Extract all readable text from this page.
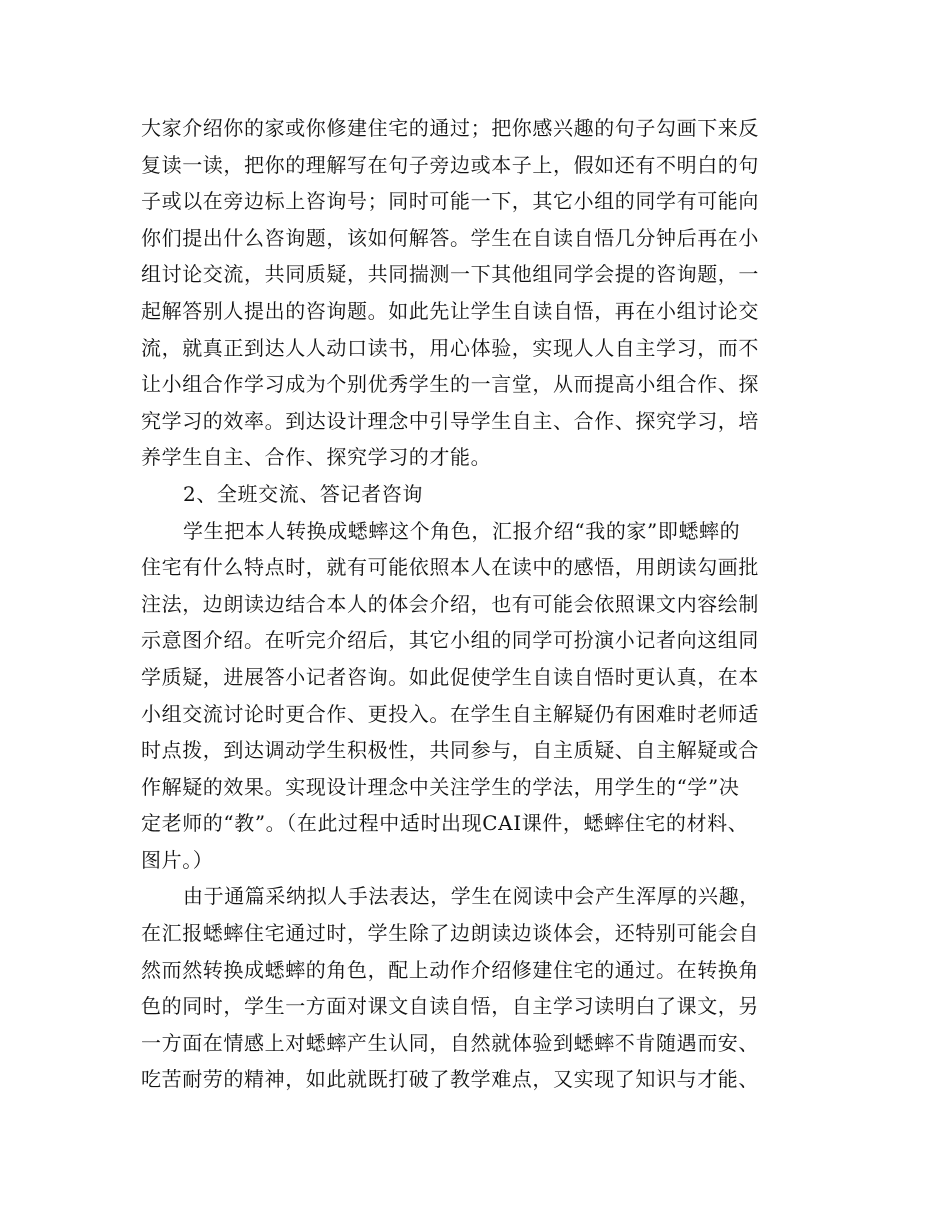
大家介绍你的家或你修建住宅的通过；把你感兴趣的句子勾画下来反
复读一读，把你的理解写在句子旁边或本子上，假如还有不明白的句
子或以在旁边标上咨询号；同时可能一下，其它小组的同学有可能向
你们提出什么咨询题，该如何解答。学生在自读自悟几分钟后再在小
组讨论交流，共同质疑，共同揣测一下其他组同学会提的咨询题，一
起解答别人提出的咨询题。如此先让学生自读自悟，再在小组讨论交
流，就真正到达人人动口读书，用心体验，实现人人自主学习，而不
让小组合作学习成为个别优秀学生的一言堂，从而提高小组合作、探
究学习的效率。到达设计理念中引导学生自主、合作、探究学习，培
养学生自主、合作、探究学习的才能。
2、全班交流、答记者咨询
学生把本人转换成蟋蟀这个角色，汇报介绍“我的家”即蟋蟀的
住宅有什么特点时，就有可能依照本人在读中的感悟，用朗读勾画批
注法，边朗读边结合本人的体会介绍，也有可能会依照课文内容绘制
示意图介绍。在听完介绍后，其它小组的同学可扮演小记者向这组同
学质疑，进展答小记者咨询。如此促使学生自读自悟时更认真，在本
小组交流讨论时更合作、更投入。在学生自主解疑仍有困难时老师适
时点拨，到达调动学生积极性，共同参与，自主质疑、自主解疑或合
作解疑的效果。实现设计理念中关注学生的学法，用学生的“学”决
定老师的“教”。（在此过程中适时出现CAI课件，蟋蟀住宅的材料、
图片。）
由于通篇采纳拟人手法表达，学生在阅读中会产生浑厚的兴趣，
在汇报蟋蟀住宅通过时，学生除了边朗读边谈体会，还特别可能会自
然而然转换成蟋蟀的角色，配上动作介绍修建住宅的通过。在转换角
色的同时，学生一方面对课文自读自悟，自主学习读明白了课文，另
一方面在情感上对蟋蟀产生认同，自然就体验到蟋蟀不肯随遇而安、
吃苦耐劳的精神，如此就既打破了教学难点，又实现了知识与才能、
